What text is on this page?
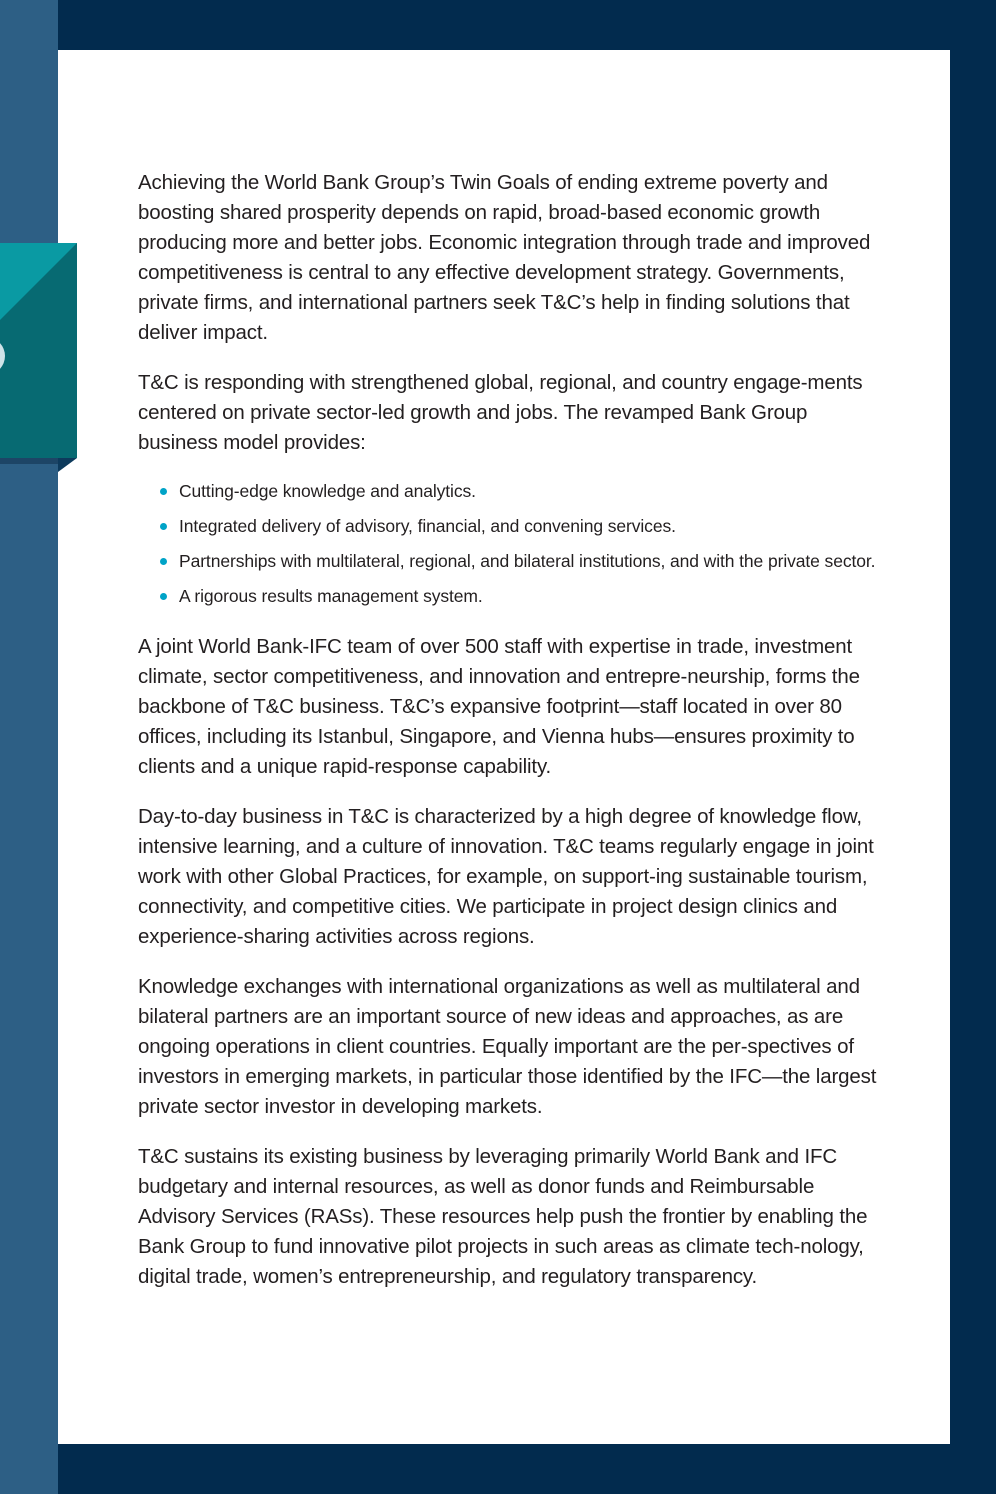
Achieving the World Bank Group’s Twin Goals of ending extreme poverty and boosting shared prosperity depends on rapid, broad-based economic growth producing more and better jobs. Economic integration through trade and improved competitiveness is central to any effective development strategy. Governments, private firms, and international partners seek T&C’s help in finding solutions that deliver impact.

T&C is responding with strengthened global, regional, and country engage-ments centered on private sector-led growth and jobs. The revamped Bank Group business model provides:

Cutting-edge knowledge and analytics.
Integrated delivery of advisory, financial, and convening services.
Partnerships with multilateral, regional, and bilateral institutions, and with the private sector.
A rigorous results management system.

A joint World Bank-IFC team of over 500 staff with expertise in trade, investment climate, sector competitiveness, and innovation and entrepre-neurship, forms the backbone of T&C business. T&C’s expansive footprint—staff located in over 80 offices, including its Istanbul, Singapore, and Vienna hubs—ensures proximity to clients and a unique rapid-response capability.

Day-to-day business in T&C is characterized by a high degree of knowledge flow, intensive learning, and a culture of innovation. T&C teams regularly engage in joint work with other Global Practices, for example, on support-ing sustainable tourism, connectivity, and competitive cities. We participate in project design clinics and experience-sharing activities across regions.

Knowledge exchanges with international organizations as well as multilateral and bilateral partners are an important source of new ideas and approaches, as are ongoing operations in client countries. Equally important are the per-spectives of investors in emerging markets, in particular those identified by the IFC—the largest private sector investor in developing markets.

T&C sustains its existing business by leveraging primarily World Bank and IFC budgetary and internal resources, as well as donor funds and Reimbursable Advisory Services (RASs). These resources help push the frontier by enabling the Bank Group to fund innovative pilot projects in such areas as climate tech-nology, digital trade, women’s entrepreneurship, and regulatory transparency.
